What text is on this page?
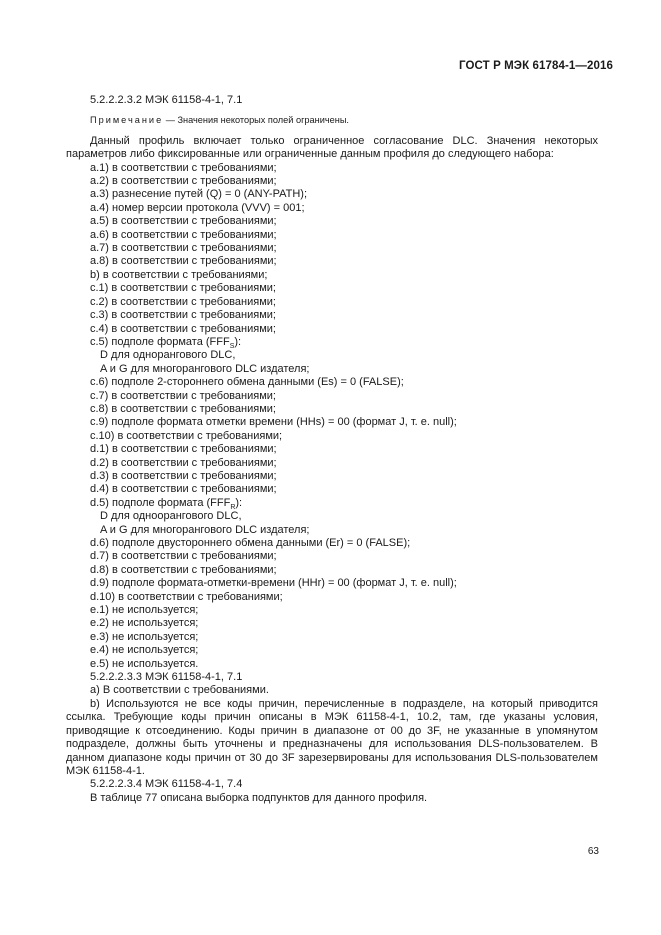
ГОСТ Р МЭК 61784-1—2016
5.2.2.2.3.2 МЭК 61158-4-1, 7.1
Примечание — Значения некоторых полей ограничены.
Данный профиль включает только ограниченное согласование DLC. Значения некоторых параметров либо фиксированные или ограниченные данным профиля до следующего набора:
a.1) в соответствии с требованиями;
a.2) в соответствии с требованиями;
a.3) разнесение путей (Q) = 0 (ANY-PATH);
a.4) номер версии протокола (VVV) = 001;
a.5) в соответствии с требованиями;
a.6) в соответствии с требованиями;
a.7) в соответствии с требованиями;
a.8) в соответствии с требованиями;
b) в соответствии с требованиями;
c.1) в соответствии с требованиями;
c.2) в соответствии с требованиями;
c.3) в соответствии с требованиями;
c.4) в соответствии с требованиями;
c.5) подполе формата $(FFF_S)$:
D для одноpангового DLC,
A и G для многорангового DLC издателя;
c.6) подполе 2-стороннего обмена данными (Es) = 0 (FALSE);
c.7) в соответствии с требованиями;
c.8) в соответствии с требованиями;
c.9) подполе формата отметки времени (HHs) = 00 (формат J, т. е. null);
c.10) в соответствии с требованиями;
d.1) в соответствии с требованиями;
d.2) в соответствии с требованиями;
d.3) в соответствии с требованиями;
d.4) в соответствии с требованиями;
d.5) подполе формата $(FFF_R)$:
D для одноорангового DLC,
A и G для многорангового DLC издателя;
d.6) подполе двустороннего обмена данными (Er) = 0 (FALSE);
d.7) в соответствии с требованиями;
d.8) в соответствии с требованиями;
d.9) подполе формата-отметки-времени (HHr) = 00 (формат J, т. е. null);
d.10) в соответствии с требованиями;
e.1) не используется;
e.2) не используется;
e.3) не используется;
e.4) не используется;
e.5) не используется.
5.2.2.2.3.3 МЭК 61158-4-1, 7.1
a) В соответствии с требованиями.
b) Используются не все коды причин, перечисленные в подразделе, на который приводится ссылка. Требующие коды причин описаны в МЭК 61158-4-1, 10.2, там, где указаны условия, приводящие к отсоединению. Коды причин в диапазоне от 00 до 3F, не указанные в упомянутом подразделе, должны быть уточнены и предназначены для использования DLS-пользователем. В данном диапазоне коды причин от 30 до 3F зарезервированы для использования DLS-пользователем МЭК 61158-4-1.
5.2.2.2.3.4 МЭК 61158-4-1, 7.4
В таблице 77 описана выборка подпунктов для данного профиля.
63
